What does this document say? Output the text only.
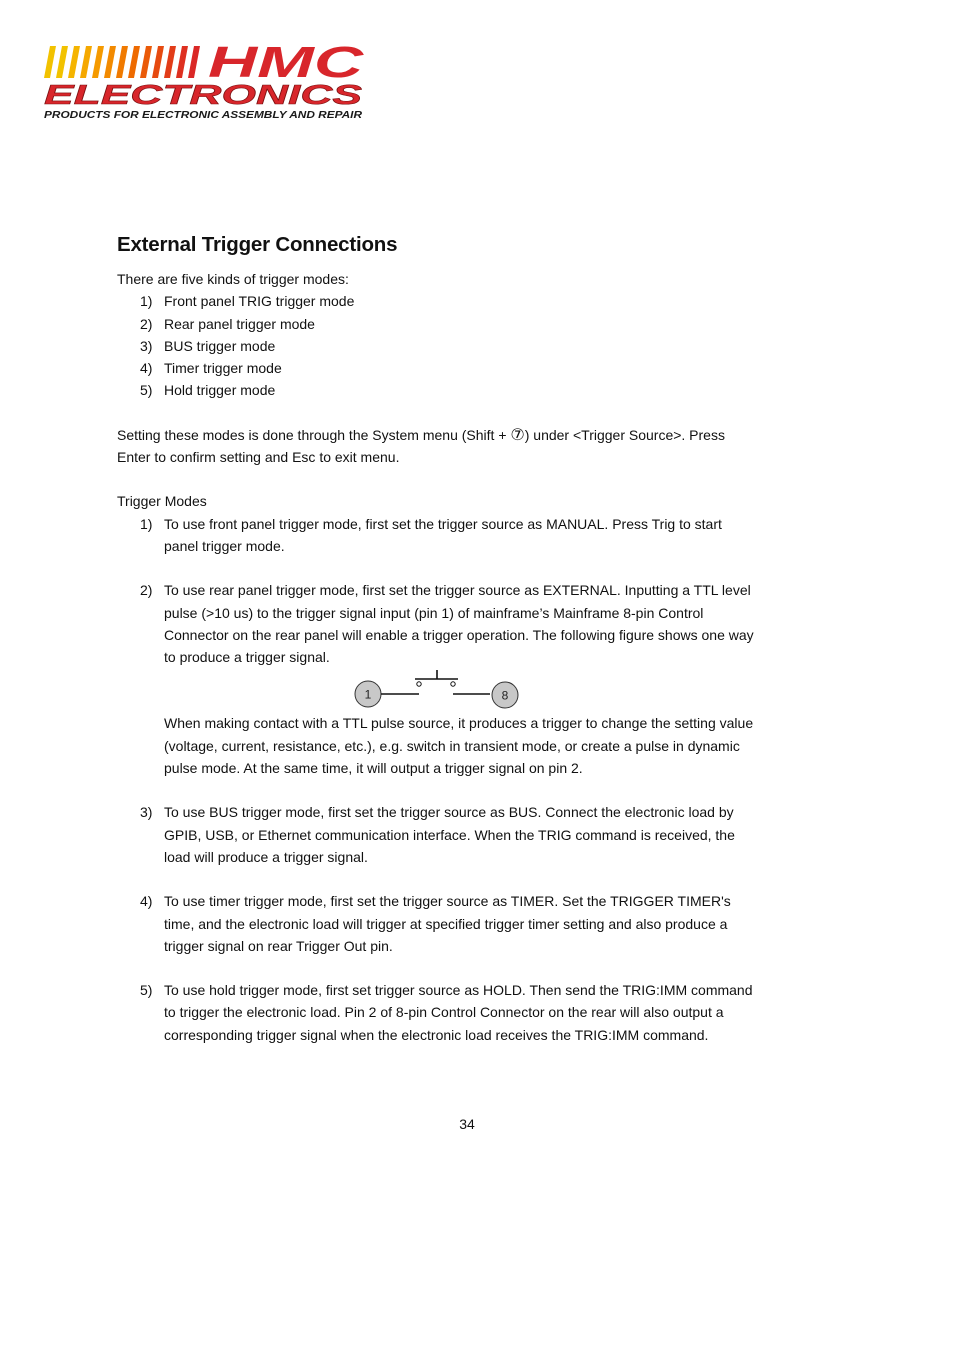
HMC
ELECTRONICS
PRODUCTS FOR ELECTRONIC ASSEMBLY AND REPAIR
External Trigger Connections

There are five kinds of trigger modes:

1) Front panel TRIG trigger mode
2) Rear panel trigger mode
3) BUS trigger mode
4) Timer trigger mode
5) Hold trigger mode

Setting these modes is done through the System menu (Shift + ⑦) under <Trigger Source>. Press Enter to confirm setting and Esc to exit menu.

Trigger Modes

1) To use front panel trigger mode, first set the trigger source as MANUAL. Press Trig to start panel trigger mode.
2) To use rear panel trigger mode, first set the trigger source as EXTERNAL. Inputting a TTL level pulse (>10 us) to the trigger signal input (pin 1) of mainframe’s Mainframe 8-pin Control Connector on the rear panel will enable a trigger operation. The following figure shows one way to produce a trigger signal.
1	8
When making contact with a TTL pulse source, it produces a trigger to change the setting value (voltage, current, resistance, etc.), e.g. switch in transient mode, or create a pulse in dynamic pulse mode. At the same time, it will output a trigger signal on pin 2.
3) To use BUS trigger mode, first set the trigger source as BUS. Connect the electronic load by GPIB, USB, or Ethernet communication interface. When the TRIG command is received, the load will produce a trigger signal.
4) To use timer trigger mode, first set the trigger source as TIMER. Set the TRIGGER TIMER's time, and the electronic load will trigger at specified trigger timer setting and also produce a trigger signal on rear Trigger Out pin.
5) To use hold trigger mode, first set trigger source as HOLD. Then send the TRIG:IMM command to trigger the electronic load. Pin 2 of 8-pin Control Connector on the rear will also output a corresponding trigger signal when the electronic load receives the TRIG:IMM command.
34
